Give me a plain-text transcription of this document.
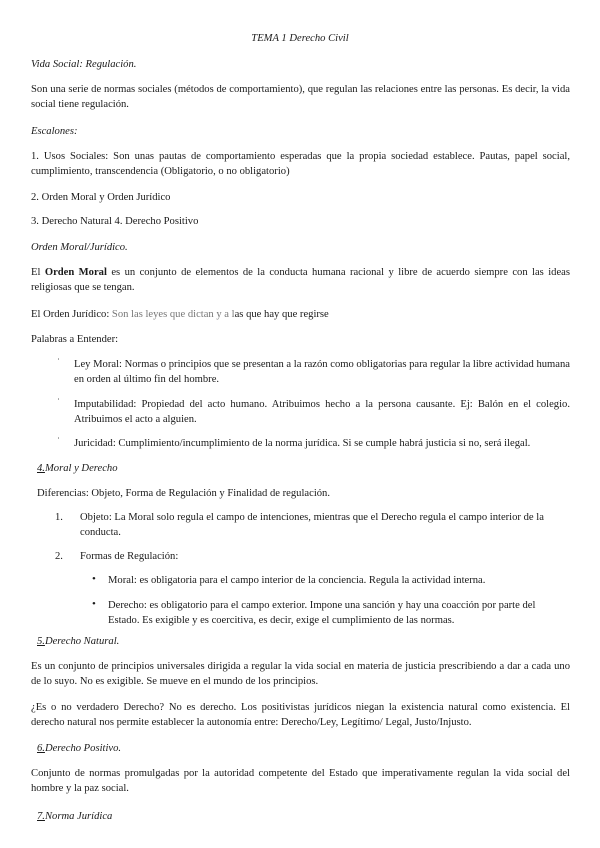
TEMA 1 Derecho Civil

Vida Social: Regulación.

Son una serie de normas sociales (métodos de comportamiento), que regulan las relaciones entre las personas. Es decir, la vida social tiene regulación.

Escalones:

1. Usos Sociales: Son unas pautas de comportamiento esperadas que la propia sociedad establece. Pautas, papel social, cumplimiento, transcendencia (Obligatorio, o no obligatorio)

2. Orden Moral y Orden Jurídico

3. Derecho Natural 4. Derecho Positivo

Orden Moral/Jurídico.

El Orden Moral es un conjunto de elementos de la conducta humana racional y libre de acuerdo siempre con las ideas religiosas que se tengan.

El Orden Jurídico: Son las leyes que dictan y a las que hay que regirse

Palabras a Entender:

˙ Ley Moral: Normas o principios que se presentan a la razón como obligatorias para regular la libre actividad humana en orden al último fin del hombre.

˙ Imputabilidad: Propiedad del acto humano. Atribuimos hecho a la persona causante. Ej: Balón en el colegio. Atribuimos el acto a alguien.

˙ Juricidad: Cumplimiento/incumplimiento de la norma jurídica. Si se cumple habrá justicia si no, será ilegal.

4.Moral y Derecho

Diferencias: Objeto, Forma de Regulación y Finalidad de regulación.

1. Objeto: La Moral solo regula el campo de intenciones, mientras que el Derecho regula el campo interior de la conducta.

2. Formas de Regulación:

• Moral: es obligatoria para el campo interior de la conciencia. Regula la actividad interna.

• Derecho: es obligatorio para el campo exterior. Impone una sanción y hay una coacción por parte del Estado. Es exigible y es coercitiva, es decir, exige el cumplimiento de las normas.

5.Derecho Natural.

Es un conjunto de principios universales dirigida a regular la vida social en materia de justicia prescribiendo a dar a cada uno de lo suyo. No es exigible. Se mueve en el mundo de los principios.

¿Es o no verdadero Derecho? No es derecho. Los positivistas jurídicos niegan la existencia natural como existencia. El derecho natural nos permite establecer la autonomía entre: Derecho/Ley, Legítimo/ Legal, Justo/Injusto.

6.Derecho Positivo.

Conjunto de normas promulgadas por la autoridad competente del Estado que imperativamente regulan la vida social del hombre y la paz social.

7.Norma Jurídica
